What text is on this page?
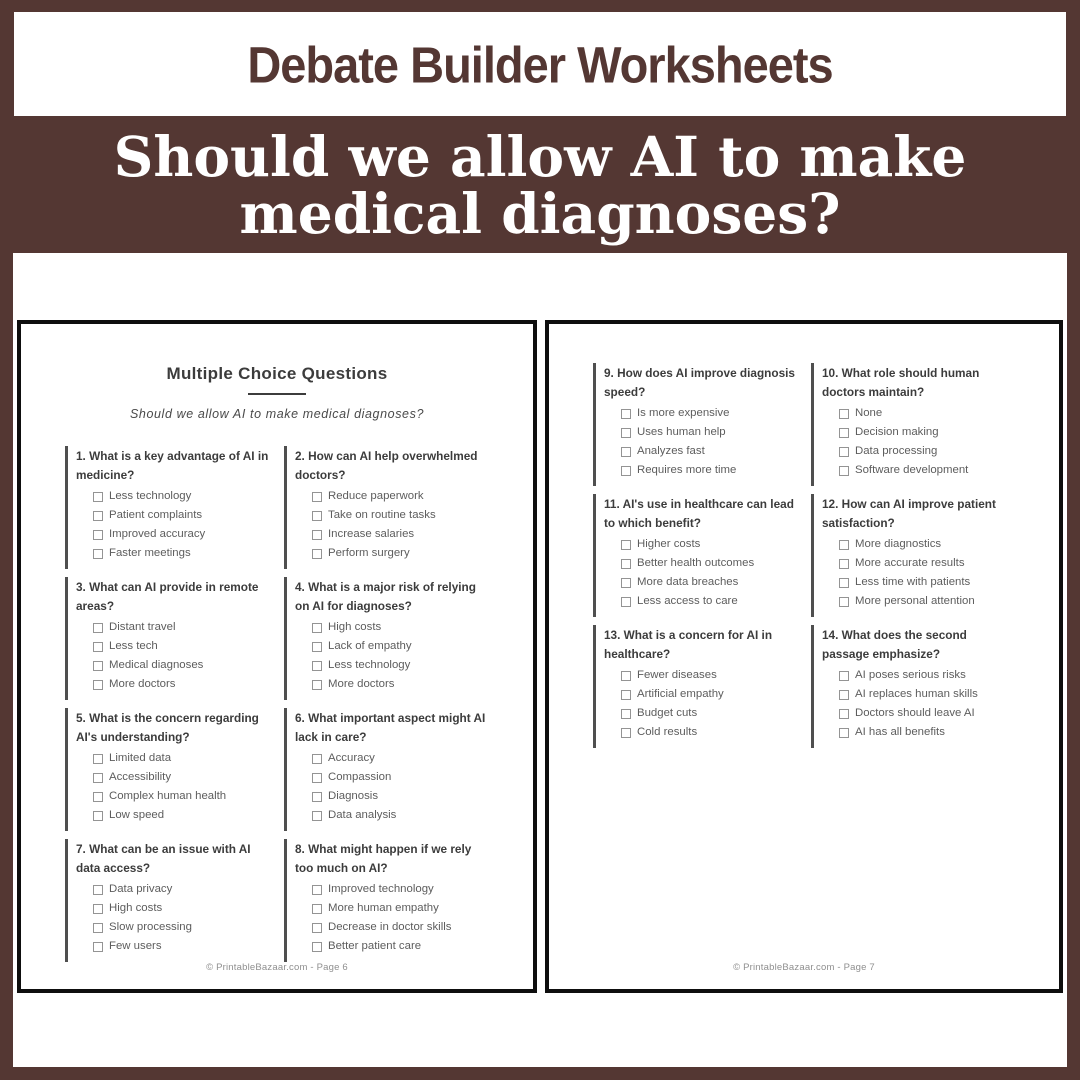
Debate Builder Worksheets
Should we allow AI to make
medical diagnoses?
Multiple Choice Questions
Should we allow AI to make medical diagnoses?
1. What is a key advantage of AI in medicine?
Less technology
Patient complaints
Improved accuracy
Faster meetings
2. How can AI help overwhelmed doctors?
Reduce paperwork
Take on routine tasks
Increase salaries
Perform surgery
3. What can AI provide in remote areas?
Distant travel
Less tech
Medical diagnoses
More doctors
4. What is a major risk of relying on AI for diagnoses?
High costs
Lack of empathy
Less technology
More doctors
5. What is the concern regarding AI's understanding?
Limited data
Accessibility
Complex human health
Low speed
6. What important aspect might AI lack in care?
Accuracy
Compassion
Diagnosis
Data analysis
7. What can be an issue with AI data access?
Data privacy
High costs
Slow processing
Few users
8. What might happen if we rely too much on AI?
Improved technology
More human empathy
Decrease in doctor skills
Better patient care
© PrintableBazaar.com - Page 6
9. How does AI improve diagnosis speed?
Is more expensive
Uses human help
Analyzes fast
Requires more time
10. What role should human doctors maintain?
None
Decision making
Data processing
Software development
11. AI's use in healthcare can lead to which benefit?
Higher costs
Better health outcomes
More data breaches
Less access to care
12. How can AI improve patient satisfaction?
More diagnostics
More accurate results
Less time with patients
More personal attention
13. What is a concern for AI in healthcare?
Fewer diseases
Artificial empathy
Budget cuts
Cold results
14. What does the second passage emphasize?
AI poses serious risks
AI replaces human skills
Doctors should leave AI
AI has all benefits
© PrintableBazaar.com - Page 7
